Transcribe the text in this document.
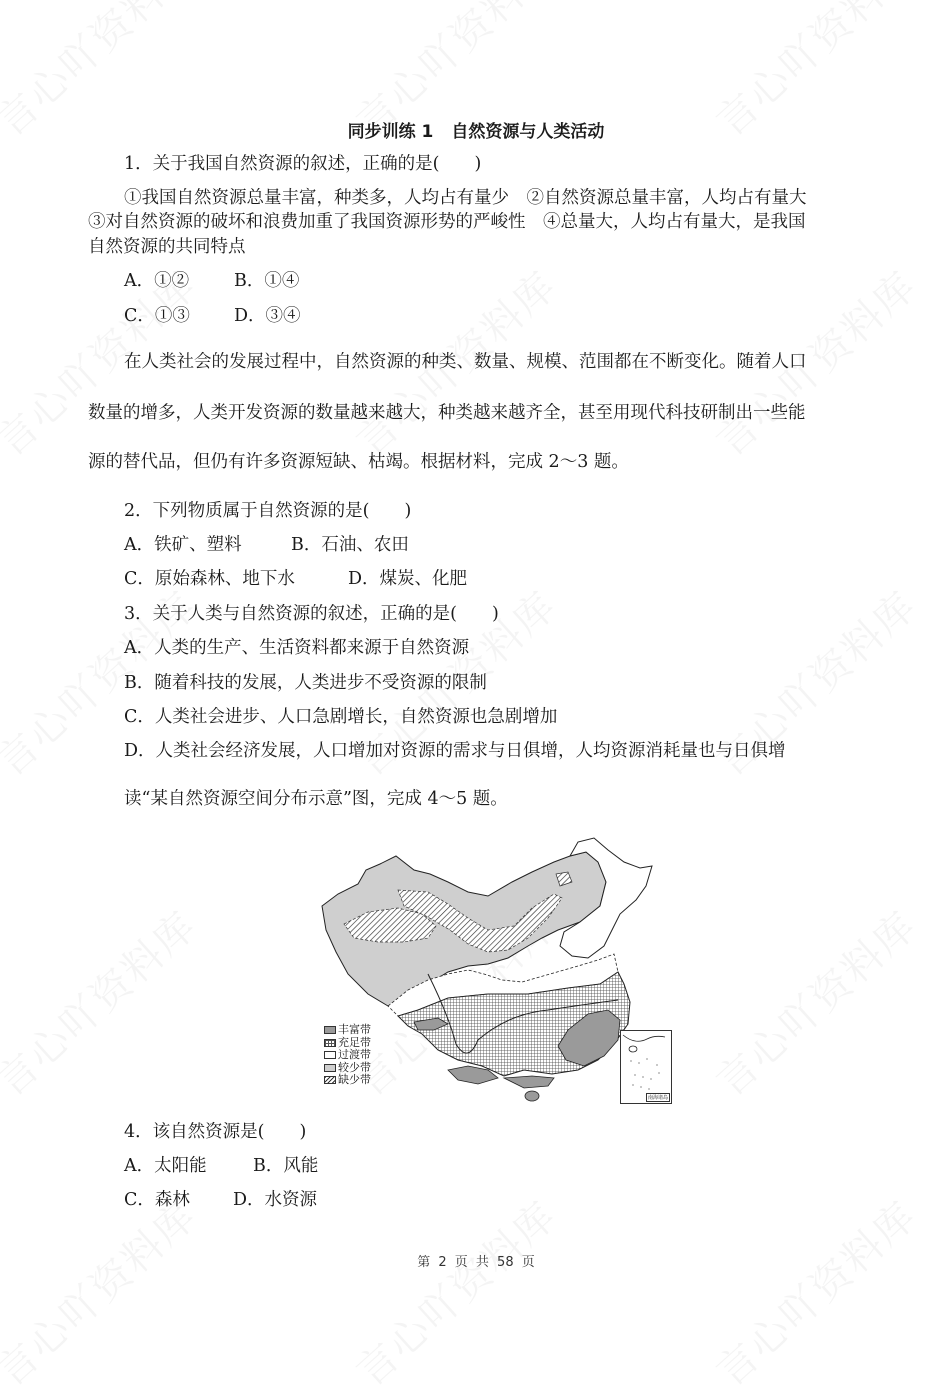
同步训练 1 自然资源与人类活动
1．关于我国自然资源的叙述，正确的是(　　)
①我国自然资源总量丰富，种类多，人均占有量少　②自然资源总量丰富，人均占有量大
③对自然资源的破坏和浪费加重了我国资源形势的严峻性　④总量大，人均占有量大，是我国
自然资源的共同特点
A．①②	B．①④
C．①③	D．③④
在人类社会的发展过程中，自然资源的种类、数量、规模、范围都在不断变化。随着人口
数量的增多，人类开发资源的数量越来越大，种类越来越齐全，甚至用现代科技研制出一些能
源的替代品，但仍有许多资源短缺、枯竭。根据材料，完成 2～3 题。
2．下列物质属于自然资源的是(　　)
A．铁矿、塑料	B．石油、农田
C．原始森林、地下水	D．煤炭、化肥
3．关于人类与自然资源的叙述，正确的是(　　)
A．人类的生产、生活资料都来源于自然资源
B．随着科技的发展，人类进步不受资源的限制
C．人类社会进步、人口急剧增长，自然资源也急剧增加
D．人类社会经济发展，人口增加对资源的需求与日俱增，人均资源消耗量也与日俱增
读“某自然资源空间分布示意”图，完成 4～5 题。
丰富带
充足带
过渡带
较少带
缺少带
南海诸岛
4．该自然资源是(　　)
A．太阳能	B．风能
C．森林 D．水资源
第 2 页 共 58 页
